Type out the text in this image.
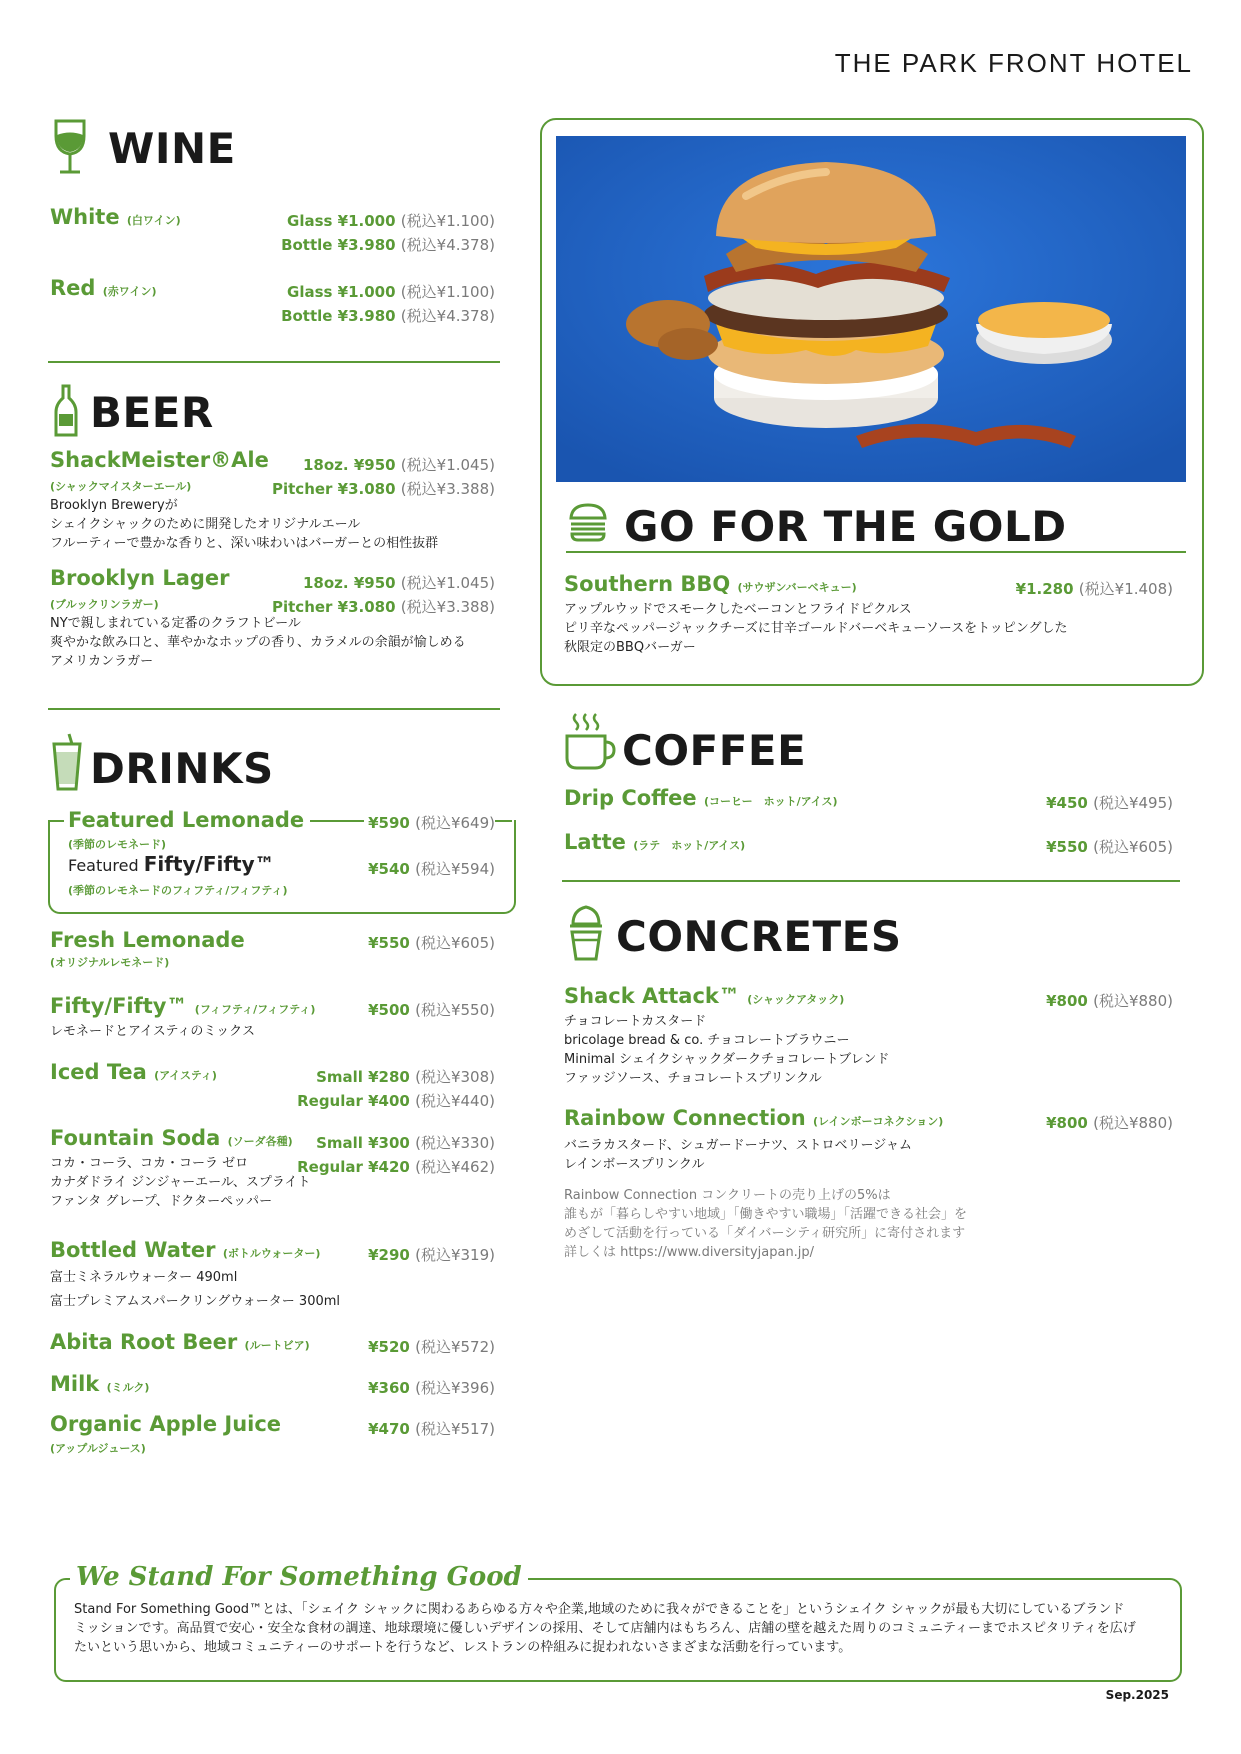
THE PARK FRONT HOTEL
WINE
White (白ワイン)	Glass ¥1.000 (税込¥1.100)
Bottle ¥3.980 (税込¥4.378)
Red (赤ワイン)	Glass ¥1.000 (税込¥1.100)
Bottle ¥3.980 (税込¥4.378)
BEER
ShackMeister®Ale
(シャックマイスターエール)
18oz. ¥950 (税込¥1.045)
Pitcher ¥3.080 (税込¥3.388)
Brooklyn Breweryが
シェイクシャックのために開発したオリジナルエール
フルーティーで豊かな香りと、深い味わいはバーガーとの相性抜群
Brooklyn Lager
(ブルックリンラガー)
18oz. ¥950 (税込¥1.045)
Pitcher ¥3.080 (税込¥3.388)
NYで親しまれている定番のクラフトビール
爽やかな飲み口と、華やかなホップの香り、カラメルの余韻が愉しめる
アメリカンラガー
DRINKS
Featured Lemonade	¥590 (税込¥649)
(季節のレモネード)
Featured Fifty/Fifty™	¥540 (税込¥594)
(季節のレモネードのフィフティ/フィフティ)
Fresh Lemonade
(オリジナルレモネード)
¥550 (税込¥605)
Fifty/Fifty™ (フィフティ/フィフティ)	¥500 (税込¥550)
レモネードとアイスティのミックス
Iced Tea (アイスティ)	Small ¥280 (税込¥308)
Regular ¥400 (税込¥440)
Fountain Soda (ソーダ各種) Small ¥300 (税込¥330)
Regular ¥420 (税込¥462)
コカ・コーラ、コカ・コーラ ゼロ
カナダドライ ジンジャーエール、スプライト
ファンタ グレープ、ドクターペッパー
Bottled Water (ボトルウォーター)	¥290 (税込¥319)
富士ミネラルウォーター 490ml
富士プレミアムスパークリングウォーター 300ml
Abita Root Beer (ルートビア)	¥520 (税込¥572)
Milk (ミルク)	¥360 (税込¥396)
Organic Apple Juice
(アップルジュース)
¥470 (税込¥517)
GO FOR THE GOLD
Southern BBQ (サウザンバーベキュー)	¥1.280 (税込¥1.408)
アップルウッドでスモークしたベーコンとフライドピクルス
ピリ辛なペッパージャックチーズに甘辛ゴールドバーベキューソースをトッピングした
秋限定のBBQバーガー
COFFEE
Drip Coffee (コーヒー　ホット/アイス)	¥450 (税込¥495)
Latte (ラテ　ホット/アイス)	¥550 (税込¥605)
CONCRETES
Shack Attack™ (シャックアタック)	¥800 (税込¥880)
チョコレートカスタード
bricolage bread & co. チョコレートブラウニー
Minimal シェイクシャックダークチョコレートブレンド
ファッジソース、チョコレートスプリンクル
Rainbow Connection (レインボーコネクション)	¥800 (税込¥880)
バニラカスタード、シュガードーナツ、ストロベリージャム
レインボースプリンクル
Rainbow Connection コンクリートの売り上げの5%は
誰もが「暮らしやすい地域」「働きやすい職場」「活躍できる社会」を
めざして活動を行っている「ダイバーシティ研究所」に寄付されます
詳しくは https://www.diversityjapan.jp/
We Stand For Something Good
Stand For Something Good™とは、「シェイク シャックに関わるあらゆる方々や企業,地域のために我々ができることを」というシェイク シャックが最も大切にしているブランド
ミッションです。高品質で安心・安全な食材の調達、地球環境に優しいデザインの採用、そして店舗内はもちろん、店舗の壁を越えた周りのコミュニティーまでホスピタリティを広げ
たいという思いから、地域コミュニティーのサポートを行うなど、レストランの枠組みに捉われないさまざまな活動を行っています。
Sep.2025
